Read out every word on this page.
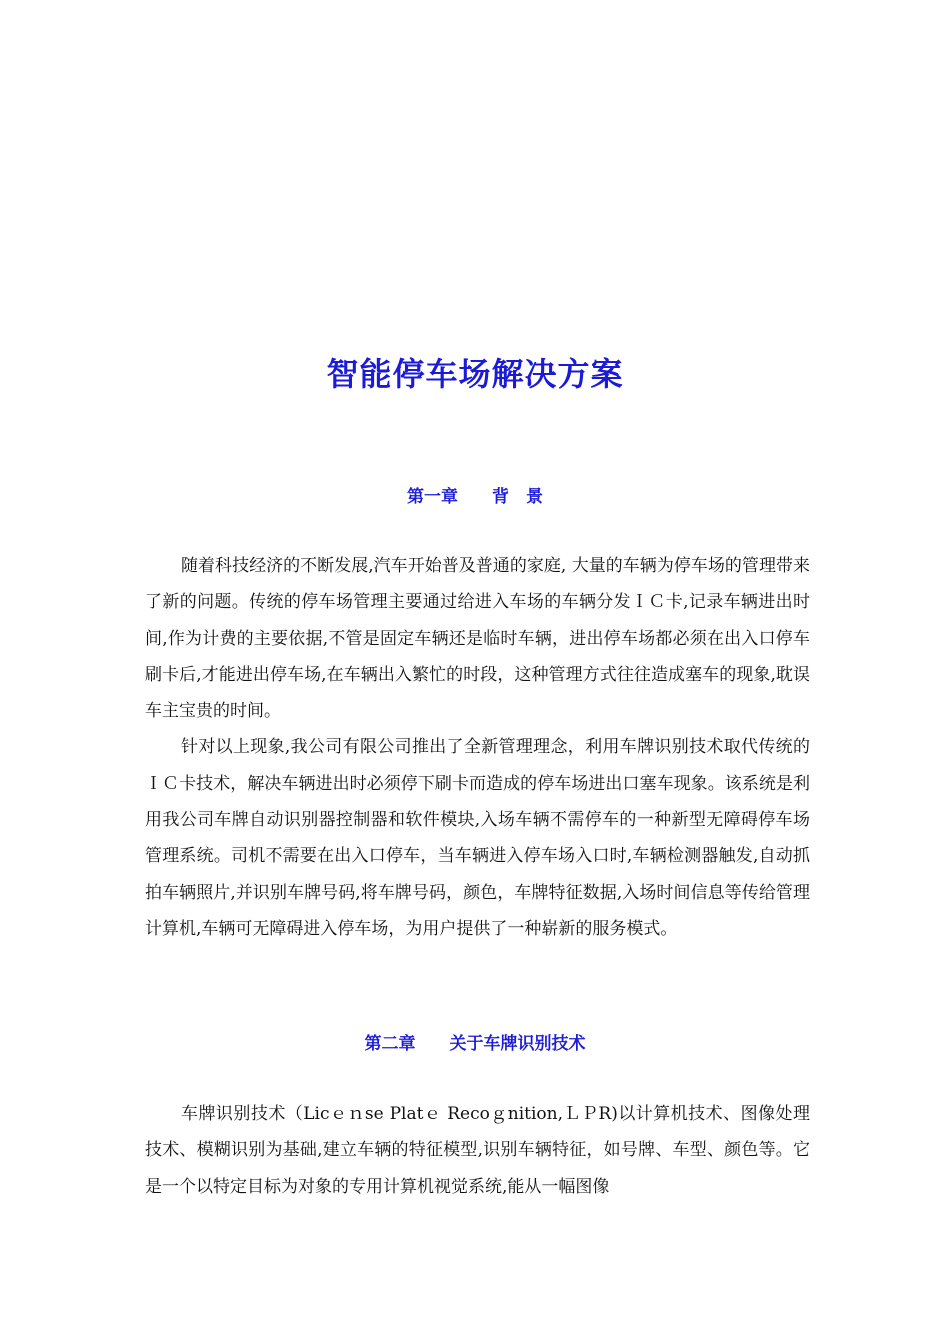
智能停车场解决方案
第一章　　背　景

随着科技经济的不断发展,汽车开始普及普通的家庭, 大量的车辆为停车场的管理带来了新的问题。传统的停车场管理主要通过给进入车场的车辆分发ＩＣ卡,记录车辆进出时间,作为计费的主要依据,不管是固定车辆还是临时车辆，进出停车场都必须在出入口停车刷卡后,才能进出停车场,在车辆出入繁忙的时段，这种管理方式往往造成塞车的现象,耽误车主宝贵的时间。

针对以上现象,我公司有限公司推出了全新管理理念，利用车牌识别技术取代传统的ＩＣ卡技术，解决车辆进出时必须停下刷卡而造成的停车场进出口塞车现象。该系统是利用我公司车牌自动识别器控制器和软件模块,入场车辆不需停车的一种新型无障碍停车场管理系统。司机不需要在出入口停车，当车辆进入停车场入口时,车辆检测器触发,自动抓拍车辆照片,并识别车牌号码,将车牌号码，颜色，车牌特征数据,入场时间信息等传给管理计算机,车辆可无障碍进入停车场，为用户提供了一种崭新的服务模式。

第二章　　关于车牌识别技术

车牌识别技术（Licｅｎse Platｅ Recoｇnition,ＬＰR)以计算机技术、图像处理技术、模糊识别为基础,建立车辆的特征模型,识别车辆特征，如号牌、车型、颜色等。它是一个以特定目标为对象的专用计算机视觉系统,能从一幅图像
